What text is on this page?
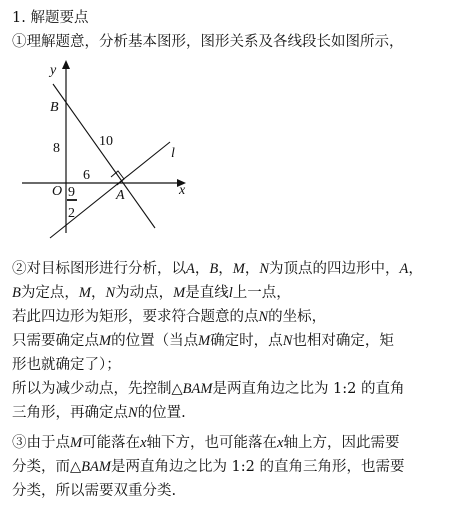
1. 解题要点
①理解题意，分析基本图形，图形关系及各线段长如图所示，
y
x
B
O	A
l
10
8
6
9
2
②对目标图形进行分析，以A，B，M，N为顶点的四边形中，A，
B为定点，M，N为动点，M是直线l上一点，
若此四边形为矩形，要求符合题意的点N的坐标，
只需要确定点M的位置（当点M确定时，点N也相对确定，矩
形也就确定了）；
所以为减少动点，先控制△BAM是两直角边之比为 1:2 的直角
三角形，再确定点N的位置.
③由于点M可能落在x轴下方，也可能落在x轴上方，因此需要
分类，而△BAM是两直角边之比为 1:2 的直角三角形，也需要
分类，所以需要双重分类.
